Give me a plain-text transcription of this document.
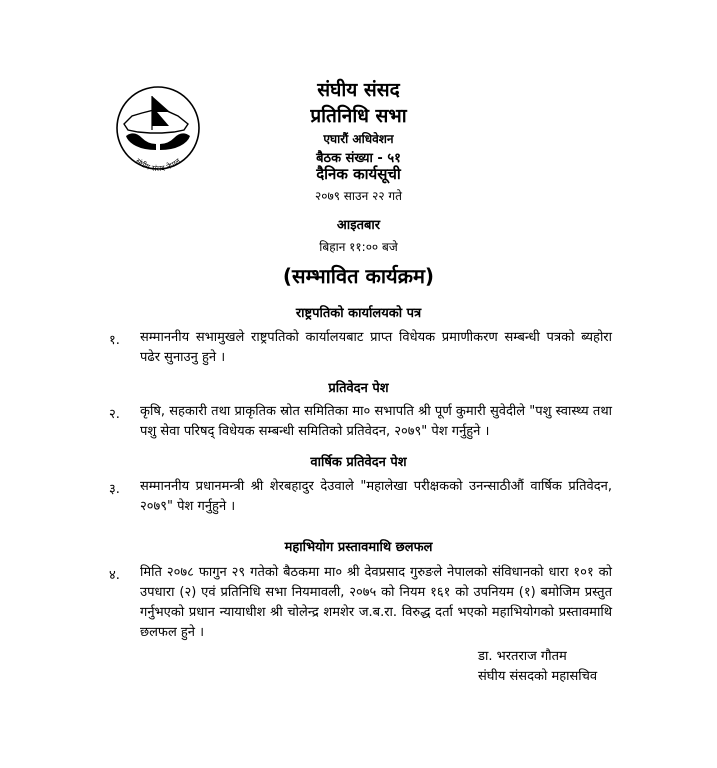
संघीय संसद नेपाल
संघीय संसद
प्रतिनिधि सभा
एघारौं अधिवेशन
बैठक संख्या - ५१
दैनिक कार्यसूची
२०७९ साउन २२ गते
आइतबार
बिहान ११:०० बजे
(सम्भावित कार्यक्रम)
राष्ट्रपतिको कार्यालयको पत्र
१. सम्माननीय सभामुखले राष्ट्रपतिको कार्यालयबाट प्राप्त विधेयक प्रमाणीकरण सम्बन्धी पत्रको ब्यहोरा पढेर सुनाउनु हुने ।
प्रतिवेदन पेश
२. कृषि, सहकारी तथा प्राकृतिक स्रोत समितिका मा० सभापति श्री पूर्ण कुमारी सुवेदीले "पशु स्वास्थ्य तथा पशु सेवा परिषद् विधेयक सम्बन्धी समितिको प्रतिवेदन, २०७९" पेश गर्नुहुने ।
वार्षिक प्रतिवेदन पेश
३. सम्माननीय प्रधानमन्त्री श्री शेरबहादुर देउवाले "महालेखा परीक्षकको उनन्साठीऔं वार्षिक प्रतिवेदन, २०७९" पेश गर्नुहुने ।
महाभियोग प्रस्तावमाथि छलफल
४. मिति २०७८ फागुन २९ गतेको बैठकमा मा० श्री देवप्रसाद गुरुङले नेपालको संविधानको धारा १०१ को उपधारा (२) एवं प्रतिनिधि सभा नियमावली, २०७५ को नियम १६१ को उपनियम (१) बमोजिम प्रस्तुत गर्नुभएको प्रधान न्यायाधीश श्री चोलेन्द्र शमशेर ज.ब.रा. विरुद्ध दर्ता भएको महाभियोगको प्रस्तावमाथि छलफल हुने ।
डा. भरतराज गौतम
संघीय संसदको महासचिव
